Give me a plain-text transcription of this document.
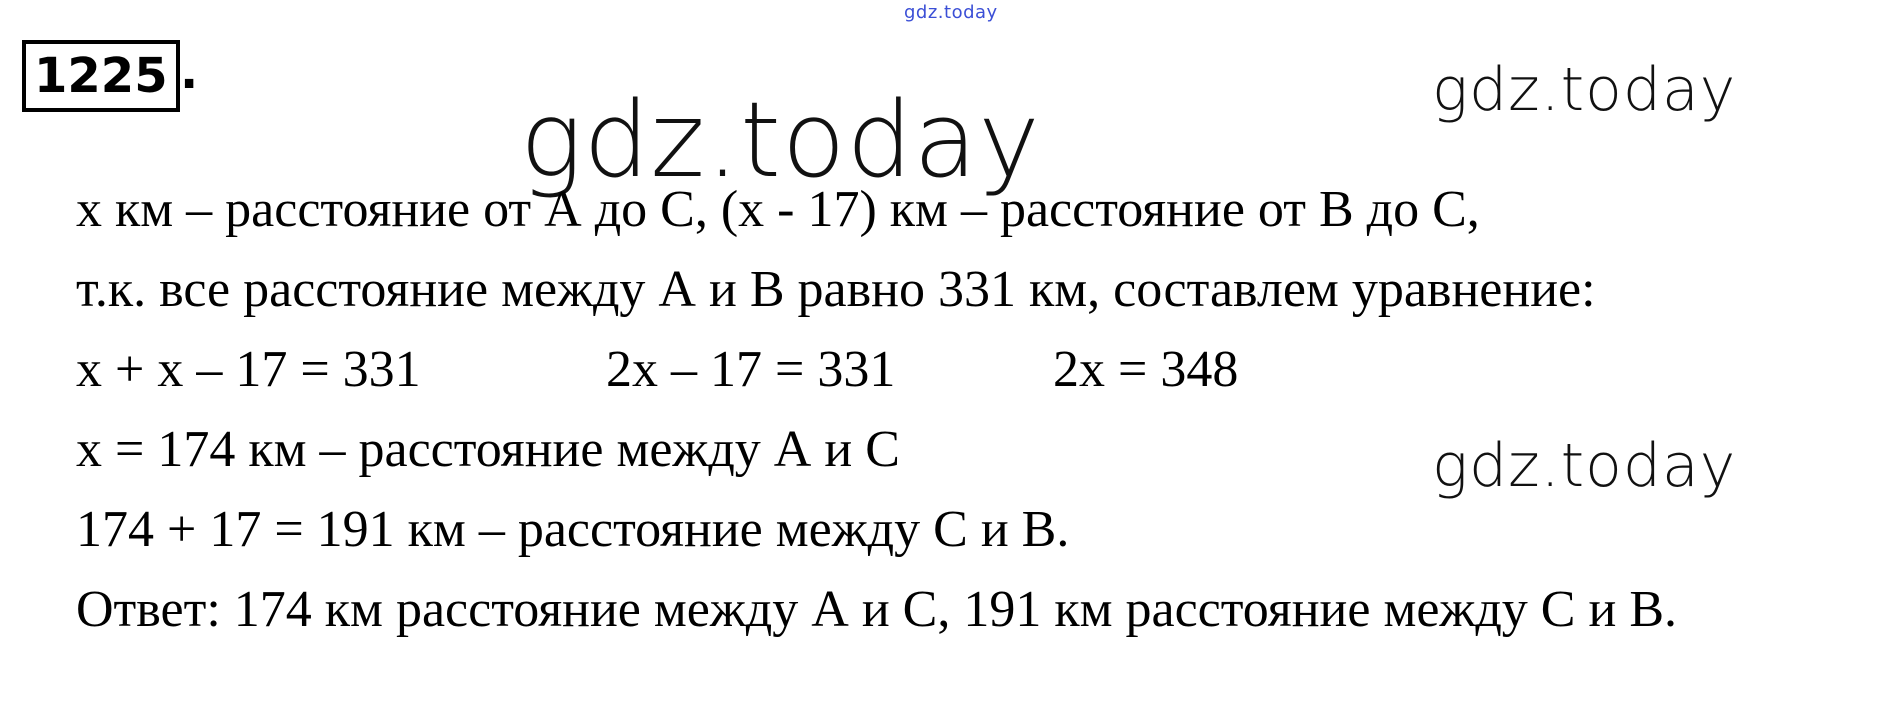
gdz.today
gdz.today	gdz.today
gdz.today
1225 .
x км – расстояние от А до С, (х - 17) км – расстояние от В до С,
т.к. все расстояние между А и В равно 331 км, составлем уравнение:
x + x – 17 = 331	2x – 17 = 331	2x = 348
x = 174 км – расстояние между А и С
174 + 17 = 191 км – расстояние между С и В.
Ответ: 174 км расстояние между А и С, 191 км расстояние между С и В.
